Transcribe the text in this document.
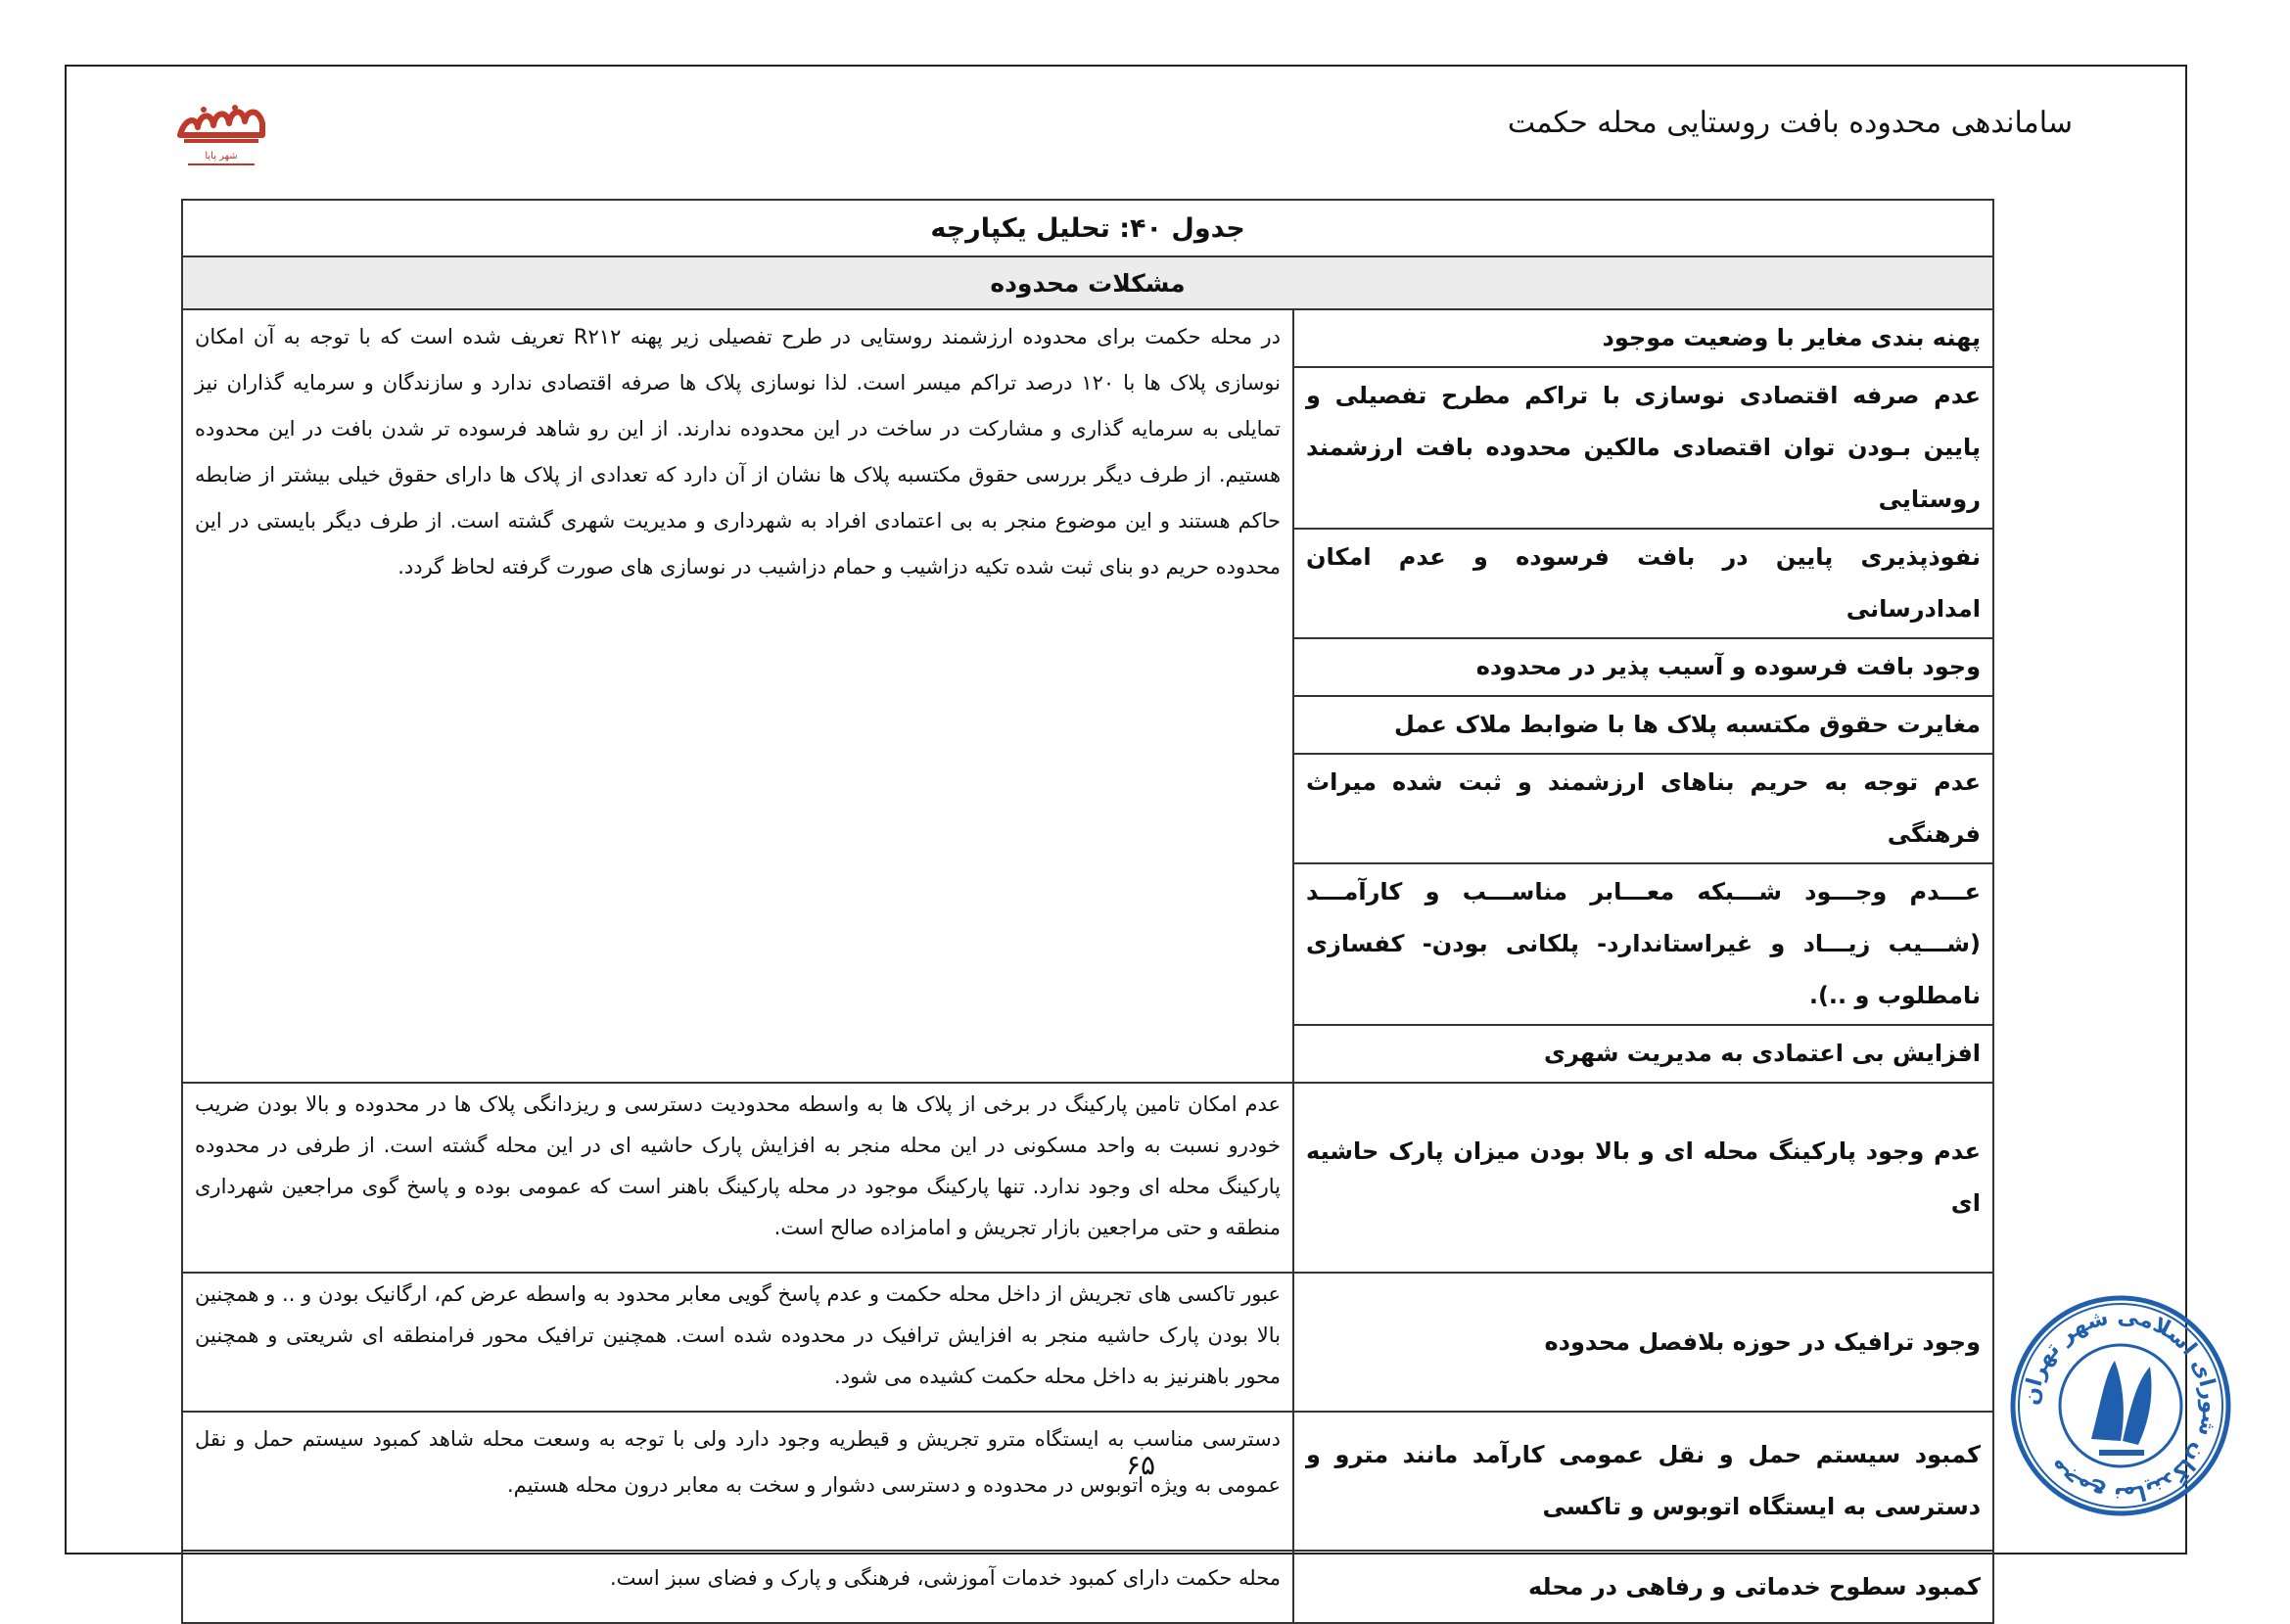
شهر پایا
ساماندهی محدوده بافت روستایی محله حکمت
جدول ۴۰: تحلیل یکپارچه	
مشکلات محدوده	
پهنه بندی مغایر با وضعیت موجود	در محله حکمت برای محدوده ارزشمند روستایی در طرح تفصیلی زیر پهنه R۲۱۲ تعریف شده است که با توجه به آن امکان نوسازی پلاک ها با ۱۲۰ درصد تراکم میسر است. لذا نوسازی پلاک ها صرفه اقتصادی ندارد و سازندگان و سرمایه گذاران نیز تمایلی به سرمایه گذاری و مشارکت در ساخت در این محدوده ندارند. از این رو شاهد فرسوده تر شدن بافت در این محدوده هستیم. از طرف دیگر بررسی حقوق مکتسبه پلاک ها نشان از آن دارد که تعدادی از پلاک ها دارای حقوق خیلی بیشتر از ضابطه حاکم هستند و این موضوع منجر به بی اعتمادی افراد به شهرداری و مدیریت شهری گشته است. از طرف دیگر بایستی در این محدوده حریم دو بنای ثبت شده تکیه دزاشیب و حمام دزاشیب در نوسازی های صورت گرفته لحاظ گردد.
عدم صرفه اقتصادی نوسازی با تراکم مطرح تفصیلی و پایین بـودن توان اقتصادی مالکین محدوده بافت ارزشمند روستایی	
نفوذپذیری پایین در بافت فرسوده و عدم امکان امدادرسانی	
وجود بافت فرسوده و آسیب پذیر در محدوده	
مغایرت حقوق مکتسبه پلاک ها با ضوابط ملاک عمل	
عدم توجه به حریم بناهای ارزشمند و ثبت شده میراث فرهنگی	
عـــدم وجـــود شـــبکه معـــابر مناســـب و کارآمـــد (شـــیب زیـــاد و غیراستاندارد- پلکانی بودن- کفسازی نامطلوب و ..).	
افزایش بی اعتمادی به مدیریت شهری	
عدم وجود پارکینگ محله ای و بالا بودن میزان پارک حاشیه ای	عدم امکان تامین پارکینگ در برخی از پلاک ها به واسطه محدودیت دسترسی و ریزدانگی پلاک ها در محدوده و بالا بودن ضریب خودرو نسبت به واحد مسکونی در این محله منجر به افزایش پارک حاشیه ای در این محله گشته است. از طرفی در محدوده پارکینگ محله ای وجود ندارد. تنها پارکینگ موجود در محله پارکینگ باهنر است که عمومی بوده و پاسخ گوی مراجعین شهرداری منطقه و حتی مراجعین بازار تجریش و امامزاده صالح است.
وجود ترافیک در حوزه بلافصل محدوده	عبور تاکسی های تجریش از داخل محله حکمت و عدم پاسخ گویی معابر محدود به واسطه عرض کم، ارگانیک بودن و .. و همچنین بالا بودن پارک حاشیه منجر به افزایش ترافیک در محدوده شده است. همچنین ترافیک محور فرامنطقه ای شریعتی و همچنین محور باهنرنیز به داخل محله حکمت کشیده می شود.
کمبود سیستم حمل و نقل عمومی کارآمد مانند مترو و دسترسی به ایستگاه اتوبوس و تاکسی	دسترسی مناسب به ایستگاه مترو تجریش و قیطریه وجود دارد ولی با توجه به وسعت محله شاهد کمبود سیستم حمل و نقل عمومی به ویژه اتوبوس در محدوده و دسترسی دشوار و سخت به معابر درون محله هستیم.
کمبود سطوح خدماتی و رفاهی در محله	محله حکمت دارای کمبود خدمات آموزشی، فرهنگی و پارک و فضای سبز است.
۶۵
مجمع نمایندگان شورای اسلامی شهر تهران
